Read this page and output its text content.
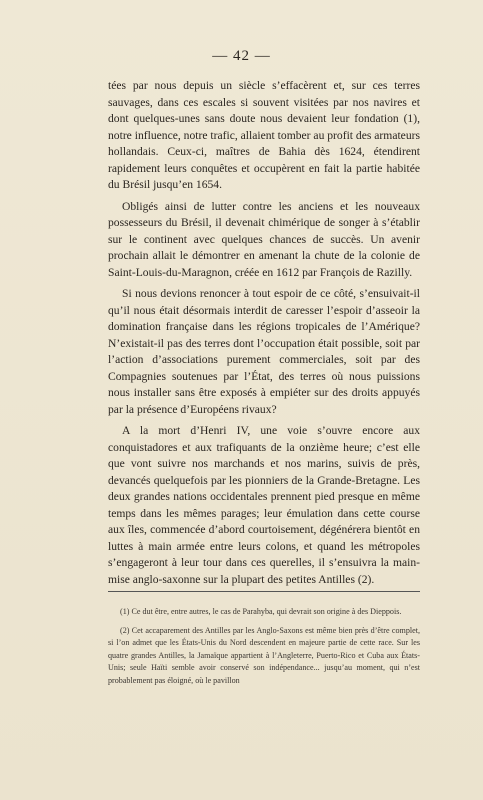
— 42 —

tées par nous depuis un siècle s’effacèrent et, sur ces terres sauvages, dans ces escales si souvent visitées par nos navires et dont quelques-unes sans doute nous devaient leur fondation (1), notre influence, notre trafic, allaient tomber au profit des armateurs hollandais. Ceux-ci, maîtres de Bahia dès 1624, étendirent rapidement leurs conquêtes et occupèrent en fait la partie habitée du Brésil jusqu’en 1654.

Obligés ainsi de lutter contre les anciens et les nouveaux possesseurs du Brésil, il devenait chimérique de songer à s’établir sur le continent avec quelques chances de succès. Un avenir prochain allait le démontrer en amenant la chute de la colonie de Saint-Louis-du-Maragnon, créée en 1612 par François de Razilly.

Si nous devions renoncer à tout espoir de ce côté, s’ensuivait-il qu’il nous était désormais interdit de caresser l’espoir d’asseoir la domination française dans les régions tropicales de l’Amérique? N’existait-il pas des terres dont l’occupation était possible, soit par l’action d’associations purement commerciales, soit par des Compagnies soutenues par l’État, des terres où nous puissions nous installer sans être exposés à empiéter sur des droits appuyés par la présence d’Européens rivaux?

A la mort d’Henri IV, une voie s’ouvre encore aux conquistadores et aux trafiquants de la onzième heure; c’est elle que vont suivre nos marchands et nos marins, suivis de près, devancés quelquefois par les pionniers de la Grande-Bretagne. Les deux grandes nations occidentales prennent pied presque en même temps dans les mêmes parages; leur émulation dans cette course aux îles, commencée d’abord courtoisement, dégénérera bientôt en luttes à main armée entre leurs colons, et quand les métropoles s’engageront à leur tour dans ces querelles, il s’ensuivra la main-mise anglo-saxonne sur la plupart des petites Antilles (2).

(1) Ce dut être, entre autres, le cas de Parahyba, qui devrait son origine à des Dieppois.

(2) Cet accaparement des Antilles par les Anglo-Saxons est même bien près d’être complet, si l’on admet que les États-Unis du Nord descendent en majeure partie de cette race. Sur les quatre grandes Antilles, la Jamaïque appartient à l’Angleterre, Puerto-Rico et Cuba aux États-Unis; seule Haïti semble avoir conservé son indépendance... jusqu’au moment, qui n’est probablement pas éloigné, où le pavillon
